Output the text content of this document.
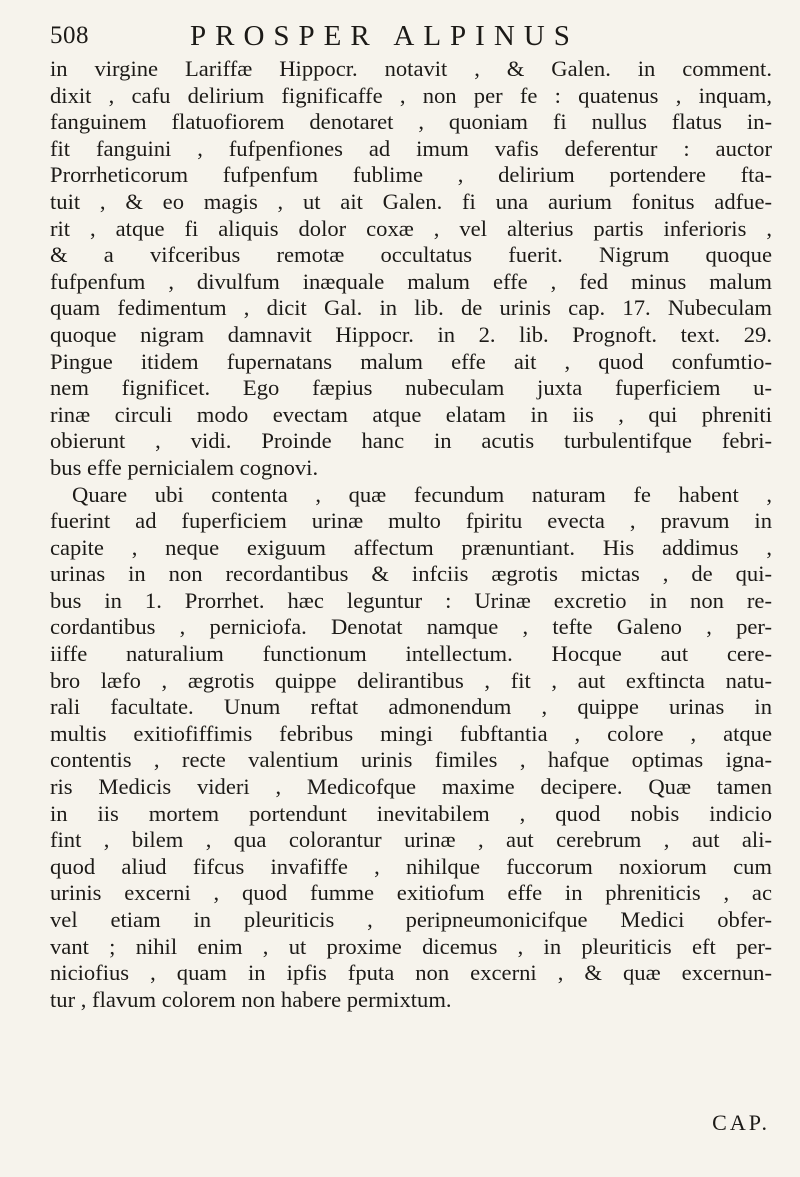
508	PROSPER ALPINUS
in virgine Lariffæ Hippocr. notavit , & Galen. in comment.
dixit , cafu delirium fignificaffe , non per fe : quatenus , inquam,
fanguinem flatuofiorem denotaret , quoniam fi nullus flatus in-
fit fanguini , fufpenfiones ad imum vafis deferentur : auctor
Prorrheticorum fufpenfum fublime , delirium portendere fta-
tuit , & eo magis , ut ait Galen. fi una aurium fonitus adfue-
rit , atque fi aliquis dolor coxæ , vel alterius partis inferioris ,
& a vifceribus remotæ occultatus fuerit. Nigrum quoque
fufpenfum , divulfum inæquale malum effe , fed minus malum
quam fedimentum , dicit Gal. in lib. de urinis cap. 17. Nubeculam
quoque nigram damnavit Hippocr. in 2. lib. Prognoft. text. 29.
Pingue itidem fupernatans malum effe ait , quod confumtio-
nem fignificet. Ego fæpius nubeculam juxta fuperficiem u-
rinæ circuli modo evectam atque elatam in iis , qui phreniti
obierunt , vidi. Proinde hanc in acutis turbulentifque febri-
bus effe pernicialem cognovi.
Quare ubi contenta , quæ fecundum naturam fe habent ,
fuerint ad fuperficiem urinæ multo fpiritu evecta , pravum in
capite , neque exiguum affectum prænuntiant. His addimus ,
urinas in non recordantibus & infciis ægrotis mictas , de qui-
bus in 1. Prorrhet. hæc leguntur : Urinæ excretio in non re-
cordantibus , perniciofa. Denotat namque , tefte Galeno , per-
iiffe naturalium functionum intellectum. Hocque aut cere-
bro læfo , ægrotis quippe delirantibus , fit , aut exftincta natu-
rali facultate. Unum reftat admonendum , quippe urinas in
multis exitiofiffimis febribus mingi fubftantia , colore , atque
contentis , recte valentium urinis fimiles , hafque optimas igna-
ris Medicis videri , Medicofque maxime decipere. Quæ tamen
in iis mortem portendunt inevitabilem , quod nobis indicio
fint , bilem , qua colorantur urinæ , aut cerebrum , aut ali-
quod aliud fifcus invafiffe , nihilque fuccorum noxiorum cum
urinis excerni , quod fumme exitiofum effe in phreniticis , ac
vel etiam in pleuriticis , peripneumonicifque Medici obfer-
vant ; nihil enim , ut proxime dicemus , in pleuriticis eft per-
niciofius , quam in ipfis fputa non excerni , & quæ excernun-
tur , flavum colorem non habere permixtum.
CAP.
